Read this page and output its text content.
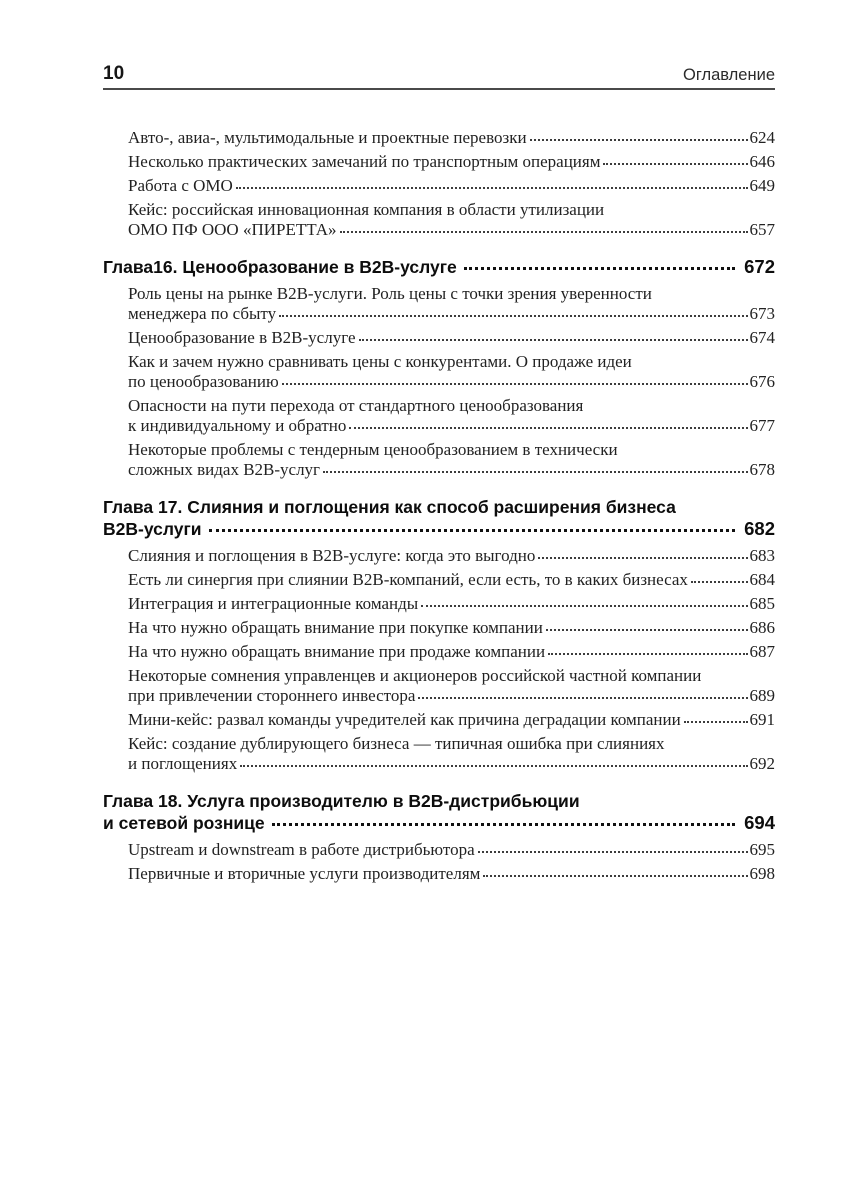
10	Оглавление
Авто-, авиа-, мультимодальные и проектные перевозки	624
Несколько практических замечаний по транспортным операциям	646
Работа с ОМО	649
Кейс: российская инновационная компания в области утилизации
ОМО ПФ ООО «ПИРЕТТА»	657
Глава16. Ценообразование в В2В-услуге	672
Роль цены на рынке В2В-услуги. Роль цены с точки зрения уверенности
менеджера по сбыту	673
Ценообразование в В2В-услуге	674
Как и зачем нужно сравнивать цены с конкурентами. О продаже идеи
по ценообразованию	676
Опасности на пути перехода от стандартного ценообразования
к индивидуальному и обратно	677
Некоторые проблемы с тендерным ценообразованием в технически
сложных видах В2В-услуг	678
Глава 17. Слияния и поглощения как способ расширения бизнеса
В2В-услуги	682
Слияния и поглощения в В2В-услуге: когда это выгодно	683
Есть ли синергия при слиянии В2В-компаний, если есть, то в каких бизнесах	684
Интеграция и интеграционные команды	685
На что нужно обращать внимание при покупке компании	686
На что нужно обращать внимание при продаже компании	687
Некоторые сомнения управленцев и акционеров российской частной компании
при привлечении стороннего инвестора	689
Мини-кейс: развал команды учредителей как причина деградации компании	691
Кейс: создание дублирующего бизнеса — типичная ошибка при слияниях
и поглощениях	692
Глава 18. Услуга производителю в В2В-дистрибьюции
и сетевой рознице	694
Upstream и downstream в работе дистрибьютора	695
Первичные и вторичные услуги производителям	698
